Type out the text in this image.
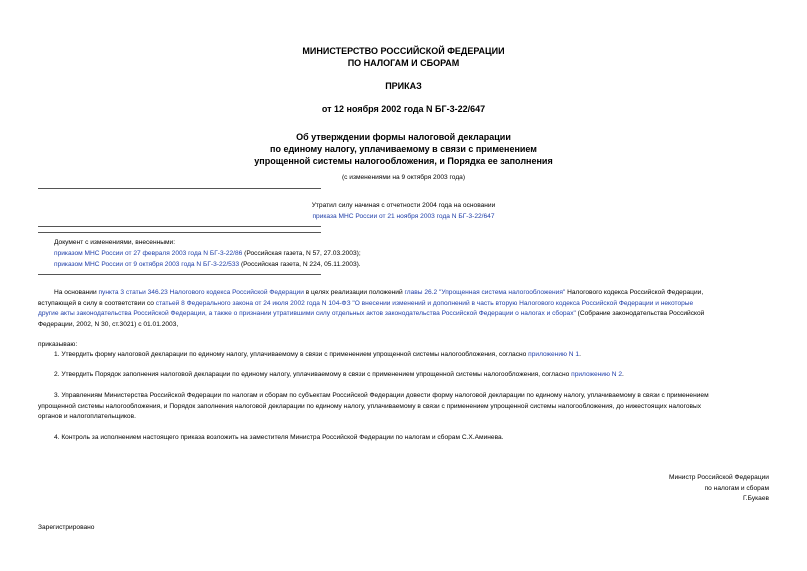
МИНИСТЕРСТВО РОССИЙСКОЙ ФЕДЕРАЦИИ
ПО НАЛОГАМ И СБОРАМ
ПРИКАЗ
от 12 ноября 2002 года N БГ-3-22/647
Об утверждении формы налоговой декларации
по единому налогу, уплачиваемому в связи с применением
упрощенной системы налогообложения, и Порядка ее заполнения
(с изменениями на 9 октября 2003 года)
Утратил силу начиная с отчетности 2004 года на основании
приказа МНС России от 21 ноября 2003 года N БГ-3-22/647
Документ с изменениями, внесенными:
приказом МНС России от 27 февраля 2003 года N БГ-3-22/86 (Российская газета, N 57, 27.03.2003);
приказом МНС России от 9 октября 2003 года N БГ-3-22/533 (Российская газета, N 224, 05.11.2003).
На основании пункта 3 статьи 346.23 Налогового кодекса Российской Федерации в целях реализации положений главы 26.2 "Упрощенная система налогообложения" Налогового кодекса Российской Федерации,
вступающей в силу в соответствии со статьей 8 Федерального закона от 24 июля 2002 года N 104-ФЗ "О внесении изменений и дополнений в часть вторую Налогового кодекса Российской Федерации и некоторые
другие акты законодательства Российской Федерации, а также о признании утратившими силу отдельных актов законодательства Российской Федерации о налогах и сборах" (Собрание законодательства Российской
Федерации, 2002, N 30, ст.3021) с 01.01.2003,
приказываю:
1. Утвердить форму налоговой декларации по единому налогу, уплачиваемому в связи с применением упрощенной системы налогообложения, согласно приложению N 1.
2. Утвердить Порядок заполнения налоговой декларации по единому налогу, уплачиваемому в связи с применением упрощенной системы налогообложения, согласно приложению N 2.
3. Управлениям Министерства Российской Федерации по налогам и сборам по субъектам Российской Федерации довести форму налоговой декларации по единому налогу, уплачиваемому в связи с применением
упрощенной системы налогообложения, и Порядок заполнения налоговой декларации по единому налогу, уплачиваемому в связи с применением упрощенной системы налогообложения, до нижестоящих налоговых
органов и налогоплательщиков.
4. Контроль за исполнением настоящего приказа возложить на заместителя Министра Российской Федерации по налогам и сборам С.Х.Аминева.
Министр Российской Федерации
по налогам и сборам
Г.Букаев
Зарегистрировано
